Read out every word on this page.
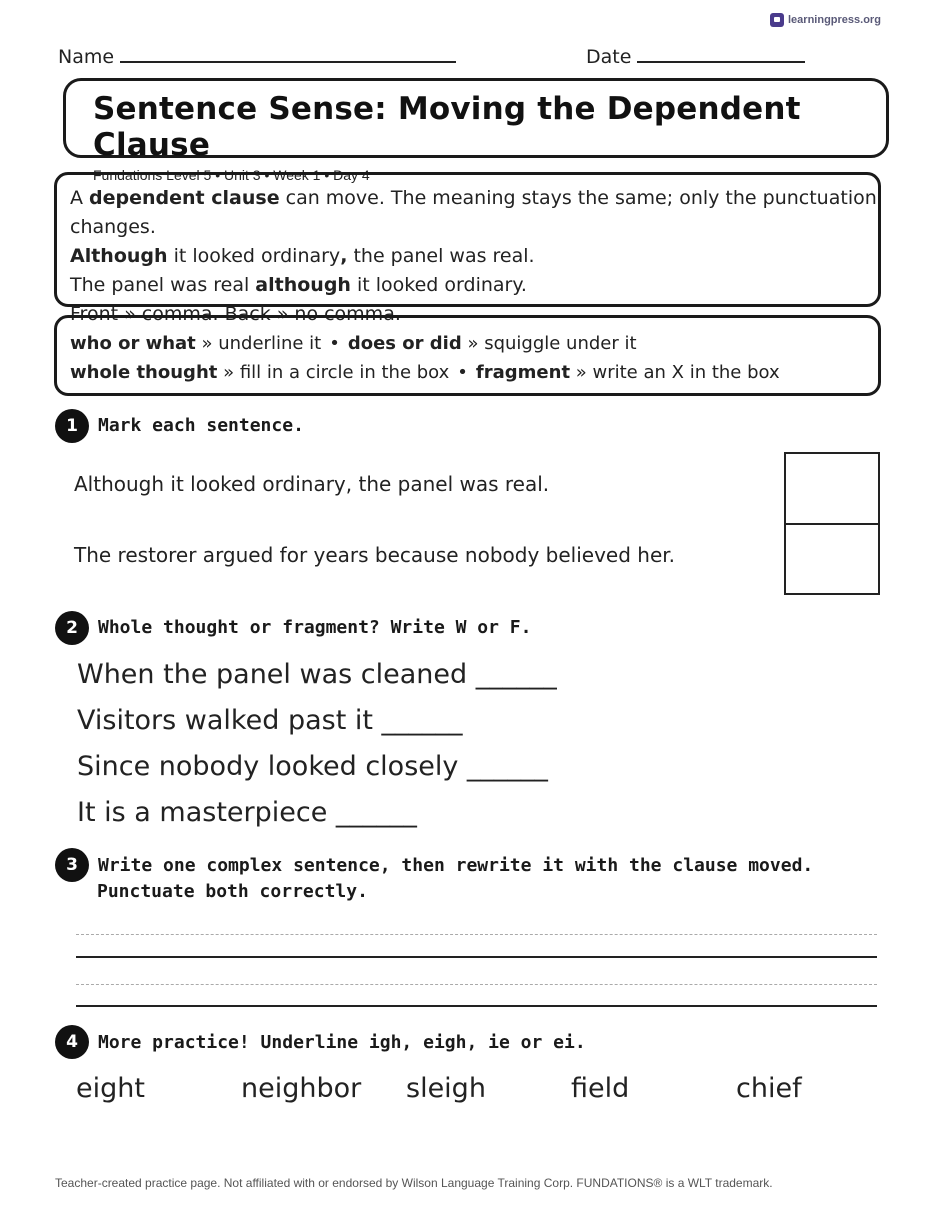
learningpress.org
Name	Date
Sentence Sense: Moving the Dependent Clause
Fundations Level 5 • Unit 3 • Week 1 • Day 4
A dependent clause can move. The meaning stays the same; only the punctuation changes.
Although it looked ordinary, the panel was real.
The panel was real although it looked ordinary.
Front » comma. Back » no comma.
who or what » underline it • does or did » squiggle under it
whole thought » fill in a circle in the box • fragment » write an X in the box
1	Mark each sentence.
Although it looked ordinary, the panel was real.
The restorer argued for years because nobody believed her.
2	Whole thought or fragment? Write W or F.
When the panel was cleaned ______
Visitors walked past it ______
Since nobody looked closely ______
It is a masterpiece ______
3	Write one complex sentence, then rewrite it with the clause moved.
Punctuate both correctly.
4	More practice! Underline igh, eigh, ie or ei.
eight	neighbor sleigh	field	chief
Teacher-created practice page. Not affiliated with or endorsed by Wilson Language Training Corp. FUNDATIONS® is a WLT trademark.
